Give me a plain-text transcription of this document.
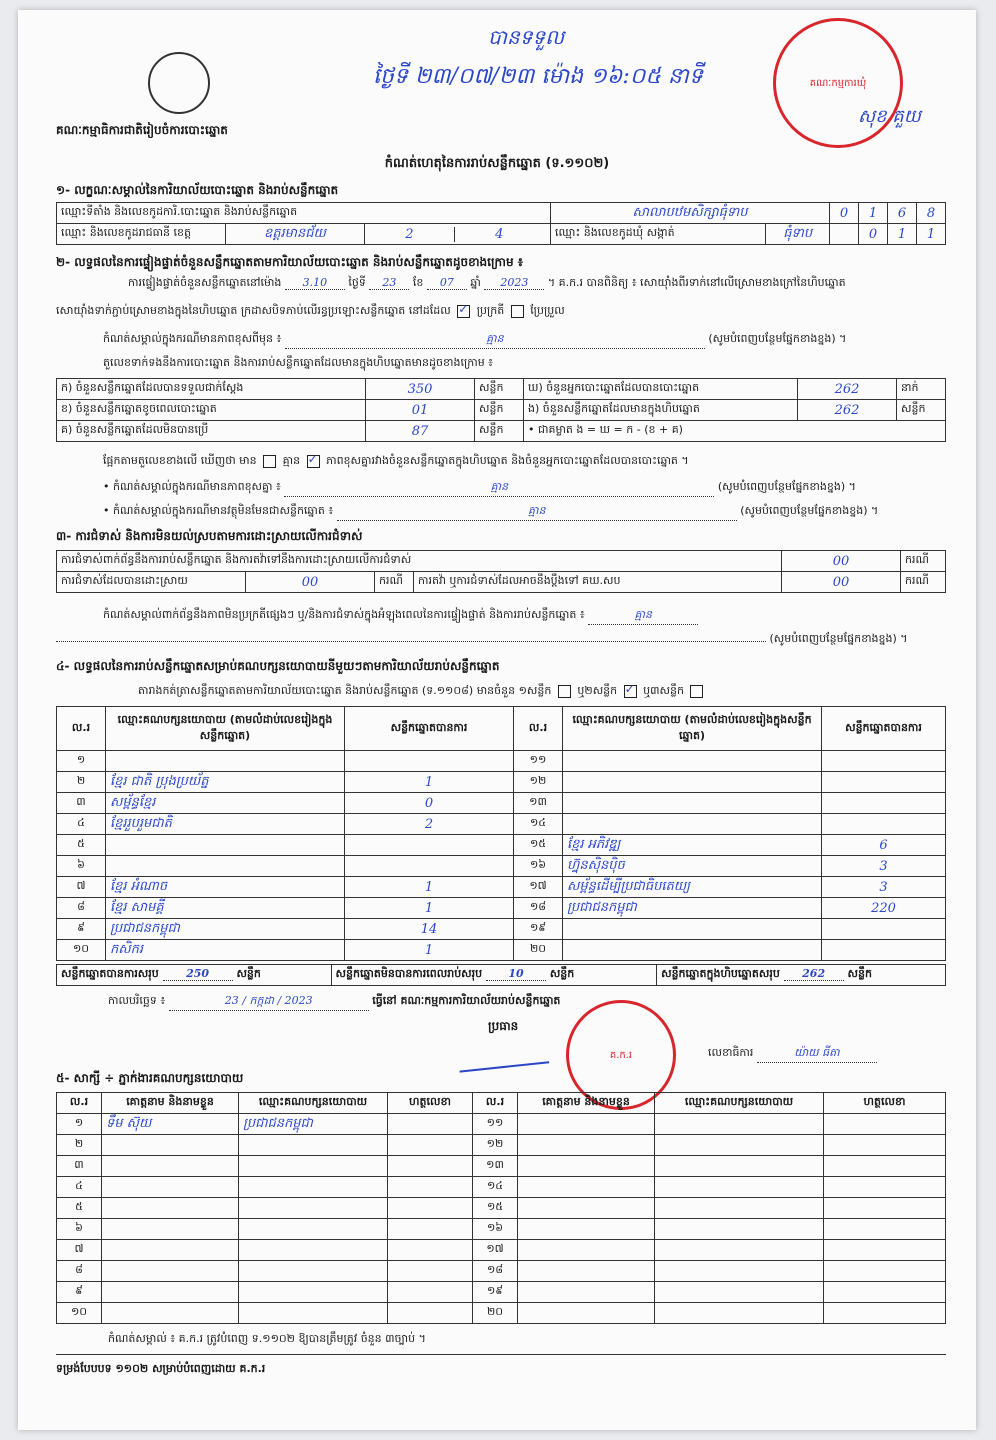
គណៈកម្មាធិការជាតិរៀបចំការបោះឆ្នោត
បានទទួល
ថ្ងៃទី ២៣/០៧/២៣ ម៉ោង ១៦:០៥ នាទី
សុខ គួយ
គណៈកម្មការឃុំ
កំណត់ហេតុនៃការរាប់សន្លឹកឆ្នោត (ទ.១១០២)
១- លក្ខណៈសម្គាល់នៃការិយាល័យបោះឆ្នោត និងរាប់សន្លឹកឆ្នោត
ឈ្មោះទីតាំង និងលេខកូដការិ.បោះឆ្នោត និងរាប់សន្លឹកឆ្នោត			សាលាបឋមសិក្សាធុំទាប		0	1	6	8
ឈ្មោះ និងលេខកូដរាជធានី ខេត្ត	ឧត្តរមានជ័យ	2 4	ឈ្មោះ និងលេខកូដឃុំ សង្កាត់	ធុំទាប		0	1	1
២- លទ្ធផលនៃការផ្ទៀងផ្ទាត់ចំនួនសន្លឹកឆ្នោតតាមការិយាល័យបោះឆ្នោត និងរាប់សន្លឹកឆ្នោតដូចខាងក្រោម ៖
ការផ្ទៀងផ្ទាត់ចំនួនសន្លឹកឆ្នោតនៅម៉ោង 3.10 ថ្ងៃទី 23 ខែ 07 ឆ្នាំ 2023 ។ គ.ក.រ បានពិនិត្យ ៖ សោយ៉ាំងពីរទាក់នៅលើស្រោមខាងក្រៅនៃហិបឆ្នោត
សោយ៉ាំងទាក់ភ្ជាប់ស្រោមខាងក្នុងនៃហិបឆ្នោត ក្រដាសបិទភាប់លើរន្ធប្រឡោះសន្លឹកឆ្នោត នៅដដែល ✓ ប្រក្រតី ប្រែប្រួល
កំណត់សម្គាល់ក្នុងករណីមានភាពខុសពីមុន ៖	គ្មាន	(សូមបំពេញបន្ថែមផ្នែកខាងខ្នង) ។
តួលេខទាក់ទងនឹងការបោះឆ្នោត និងការរាប់សន្លឹកឆ្នោតដែលមានក្នុងហិបឆ្នោតមានដូចខាងក្រោម ៖
ក) ចំនួនសន្លឹកឆ្នោតដែលបានទទួលជាក់ស្តែង	350	សន្លឹក	ឃ) ចំនួនអ្នកបោះឆ្នោតដែលបានបោះឆ្នោត	262	នាក់
ខ) ចំនួនសន្លឹកឆ្នោតខូចពេលបោះឆ្នោត	01	សន្លឹក	ង) ចំនួនសន្លឹកឆ្នោតដែលមានក្នុងហិបឆ្នោត	262	សន្លឹក
គ) ចំនួនសន្លឹកឆ្នោតដែលមិនបានប្រើ	87	សន្លឹក	• ជាគម្លាត ង = ឃ = ក - (ខ + គ)		
ផ្អែកតាមតួលេខខាងលើ ឃើញថា មាន គ្មាន ✓ ភាពខុសគ្នារវាងចំនួនសន្លឹកឆ្នោតក្នុងហិបឆ្នោត និងចំនួនអ្នកបោះឆ្នោតដែលបានបោះឆ្នោត ។
• កំណត់សម្គាល់ក្នុងករណីមានភាពខុសគ្នា ៖	គ្មាន	(សូមបំពេញបន្ថែមផ្នែកខាងខ្នង) ។
• កំណត់សម្គាល់ក្នុងករណីមានវត្ថុមិនមែនជាសន្លឹកឆ្នោត ៖	គ្មាន	(សូមបំពេញបន្ថែមផ្នែកខាងខ្នង) ។
៣- ការជំទាស់ និងការមិនយល់ស្របតាមការដោះស្រាយលើការជំទាស់
ការជំទាស់ពាក់ព័ន្ធនឹងការរាប់សន្លឹកឆ្នោត និងការតវ៉ាទៅនឹងការដោះស្រាយលើការជំទាស់				00	ករណី
ការជំទាស់ដែលបានដោះស្រាយ	00	ករណី	ការតវ៉ា ឬការជំទាស់ដែលអាចនឹងប្តឹងទៅ គឃ.សប	00	ករណី
កំណត់សម្គាល់ពាក់ព័ន្ធនឹងភាពមិនប្រក្រតីផ្សេងៗ ឬ/និងការជំទាស់ក្នុងអំឡុងពេលនៃការផ្ទៀងផ្ទាត់ និងការរាប់សន្លឹកឆ្នោត ៖	គ្មាន
(សូមបំពេញបន្ថែមផ្នែកខាងខ្នង) ។
៤- លទ្ធផលនៃការរាប់សន្លឹកឆ្នោតសម្រាប់គណបក្សនយោបាយនីមួយៗតាមការិយាល័យរាប់សន្លឹកឆ្នោត
តារាងកត់ត្រាសន្លឹកឆ្នោតតាមការិយាល័យបោះឆ្នោត និងរាប់សន្លឹកឆ្នោត (ទ.១១០៨) មានចំនួន ១សន្លឹក ឬ២សន្លឹក ✓ ឬ៣សន្លឹក
ល.រ	ឈ្មោះគណបក្សនយោបាយ (តាមលំដាប់លេខរៀងក្នុងសន្លឹកឆ្នោត)	សន្លឹកឆ្នោតបានការ	ល.រ	ឈ្មោះគណបក្សនយោបាយ (តាមលំដាប់លេខរៀងក្នុងសន្លឹកឆ្នោត)	សន្លឹកឆ្នោតបានការ
១			១១		
២	ខ្មែរ ជាតិ ប្រុងប្រយ័ត្ន	1	១២		
៣	សម្ព័ន្ធខ្មែរ	0	១៣		
៤	ខ្មែររួបរួមជាតិ	2	១៤		
៥			១៥	ខ្មែរ អភិវឌ្ឍ	6
៦			១៦	ហ្វ៊ុនស៊ិនប៉ិច	3
៧	ខ្មែរ អំណាច	1	១៧	សម្ព័ន្ធដើម្បីប្រជាធិបតេយ្យ	3
៨	ខ្មែរ សាមគ្គី	1	១៨	ប្រជាជនកម្ពុជា	220
៩	ប្រជាជនកម្ពុជា	14	១៩		
១០	កសិករ	1	២០		
សន្លឹកឆ្នោតបានការសរុប 250 សន្លឹក	សន្លឹកឆ្នោតមិនបានការពេលរាប់សរុប 10 សន្លឹក	សន្លឹកឆ្នោតក្នុងហិបឆ្នោតសរុប 262 សន្លឹក
កាលបរិច្ឆេទ ៖	23 / កក្កដា / 2023	ធ្វើនៅ គណៈកម្មការការិយាល័យរាប់សន្លឹកឆ្នោត
ប្រធាន
គ.ក.រ	លេខាធិការ	យ៉ាយ ធីតា
៥- សាក្សី ÷ ភ្នាក់ងារគណបក្សនយោបាយ
ល.រ	គោត្តនាម និងនាមខ្លួន	ឈ្មោះគណបក្សនយោបាយ	ហត្ថលេខា	ល.រ	គោត្តនាម និងនាមខ្លួន	ឈ្មោះគណបក្សនយោបាយ	ហត្ថលេខា
១	ទឹម ស៊ុយ	ប្រជាជនកម្ពុជា		១១			
២				១២			
៣				១៣			
៤				១៤			
៥				១៥			
៦				១៦			
៧				១៧			
៨				១៨			
៩				១៩			
១០				២០			
កំណត់សម្គាល់ ៖ គ.ក.រ ត្រូវបំពេញ ទ.១១០២ ឱ្យបានត្រឹមត្រូវ ចំនួន ៣ច្បាប់ ។
ទម្រង់បែបបទ ១១០២ សម្រាប់បំពេញដោយ គ.ក.រ
